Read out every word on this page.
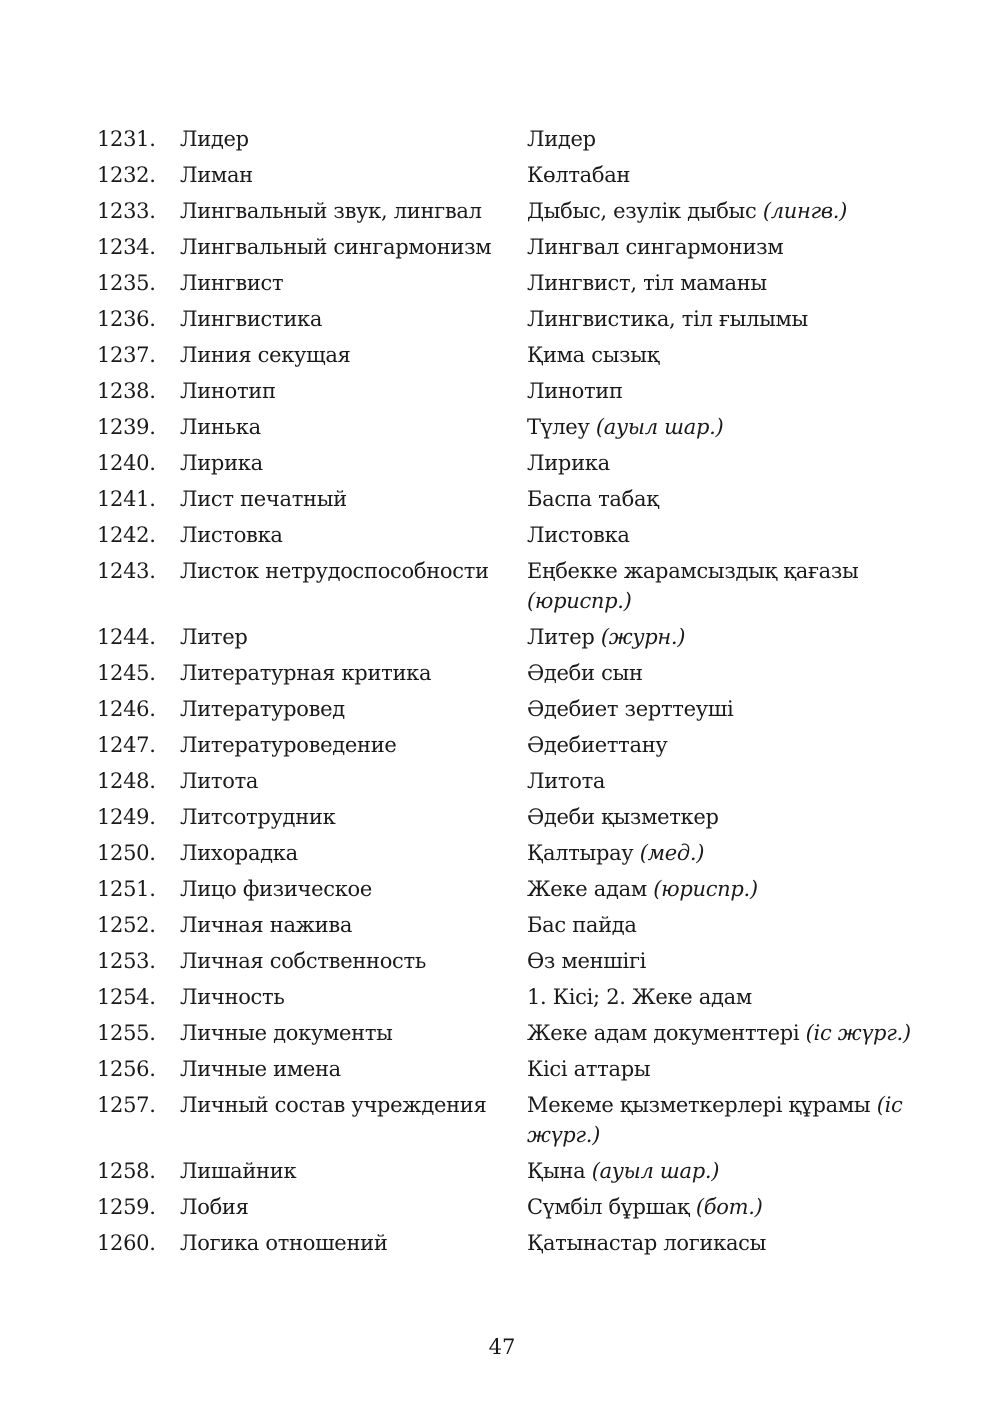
1231.	Лидер	Лидер
1232.	Лиман	Көлтабан
1233.	Лингвальный звук, лингвал	Дыбыс, езулік дыбыс (лингв.)
1234.	Лингвальный сингармонизм	Лингвал сингармонизм
1235.	Лингвист	Лингвист, тіл маманы
1236.	Лингвистика	Лингвистика, тіл ғылымы
1237.	Линия секущая	Қима сызық
1238.	Линотип	Линотип
1239.	Линька	Түлеу (ауыл шар.)
1240.	Лирика	Лирика
1241.	Лист печатный	Баспа табақ
1242.	Листовка	Листовка
1243.	Листок нетрудоспособности	Еңбекке жарамсыздық қағазы (юриспр.)
1244.	Литер	Литер (журн.)
1245.	Литературная критика	Әдеби сын
1246.	Литературовед	Әдебиет зерттеуші
1247.	Литературоведение	Әдебиеттану
1248.	Литота	Литота
1249.	Литсотрудник	Әдеби қызметкер
1250.	Лихорадка	Қалтырау (мед.)
1251.	Лицо физическое	Жеке адам (юриспр.)
1252.	Личная нажива	Бас пайда
1253.	Личная собственность	Өз меншігі
1254.	Личность	1. Кісі; 2. Жеке адам
1255.	Личные документы	Жеке адам документтері (іс жүрг.)
1256.	Личные имена	Кісі аттары
1257.	Личный состав учреждения	Мекеме қызметкерлері құрамы (іс жүрг.)
1258.	Лишайник	Қына (ауыл шар.)
1259.	Лобия	Сүмбіл бұршақ (бот.)
1260.	Логика отношений	Қатынастар логикасы
47
